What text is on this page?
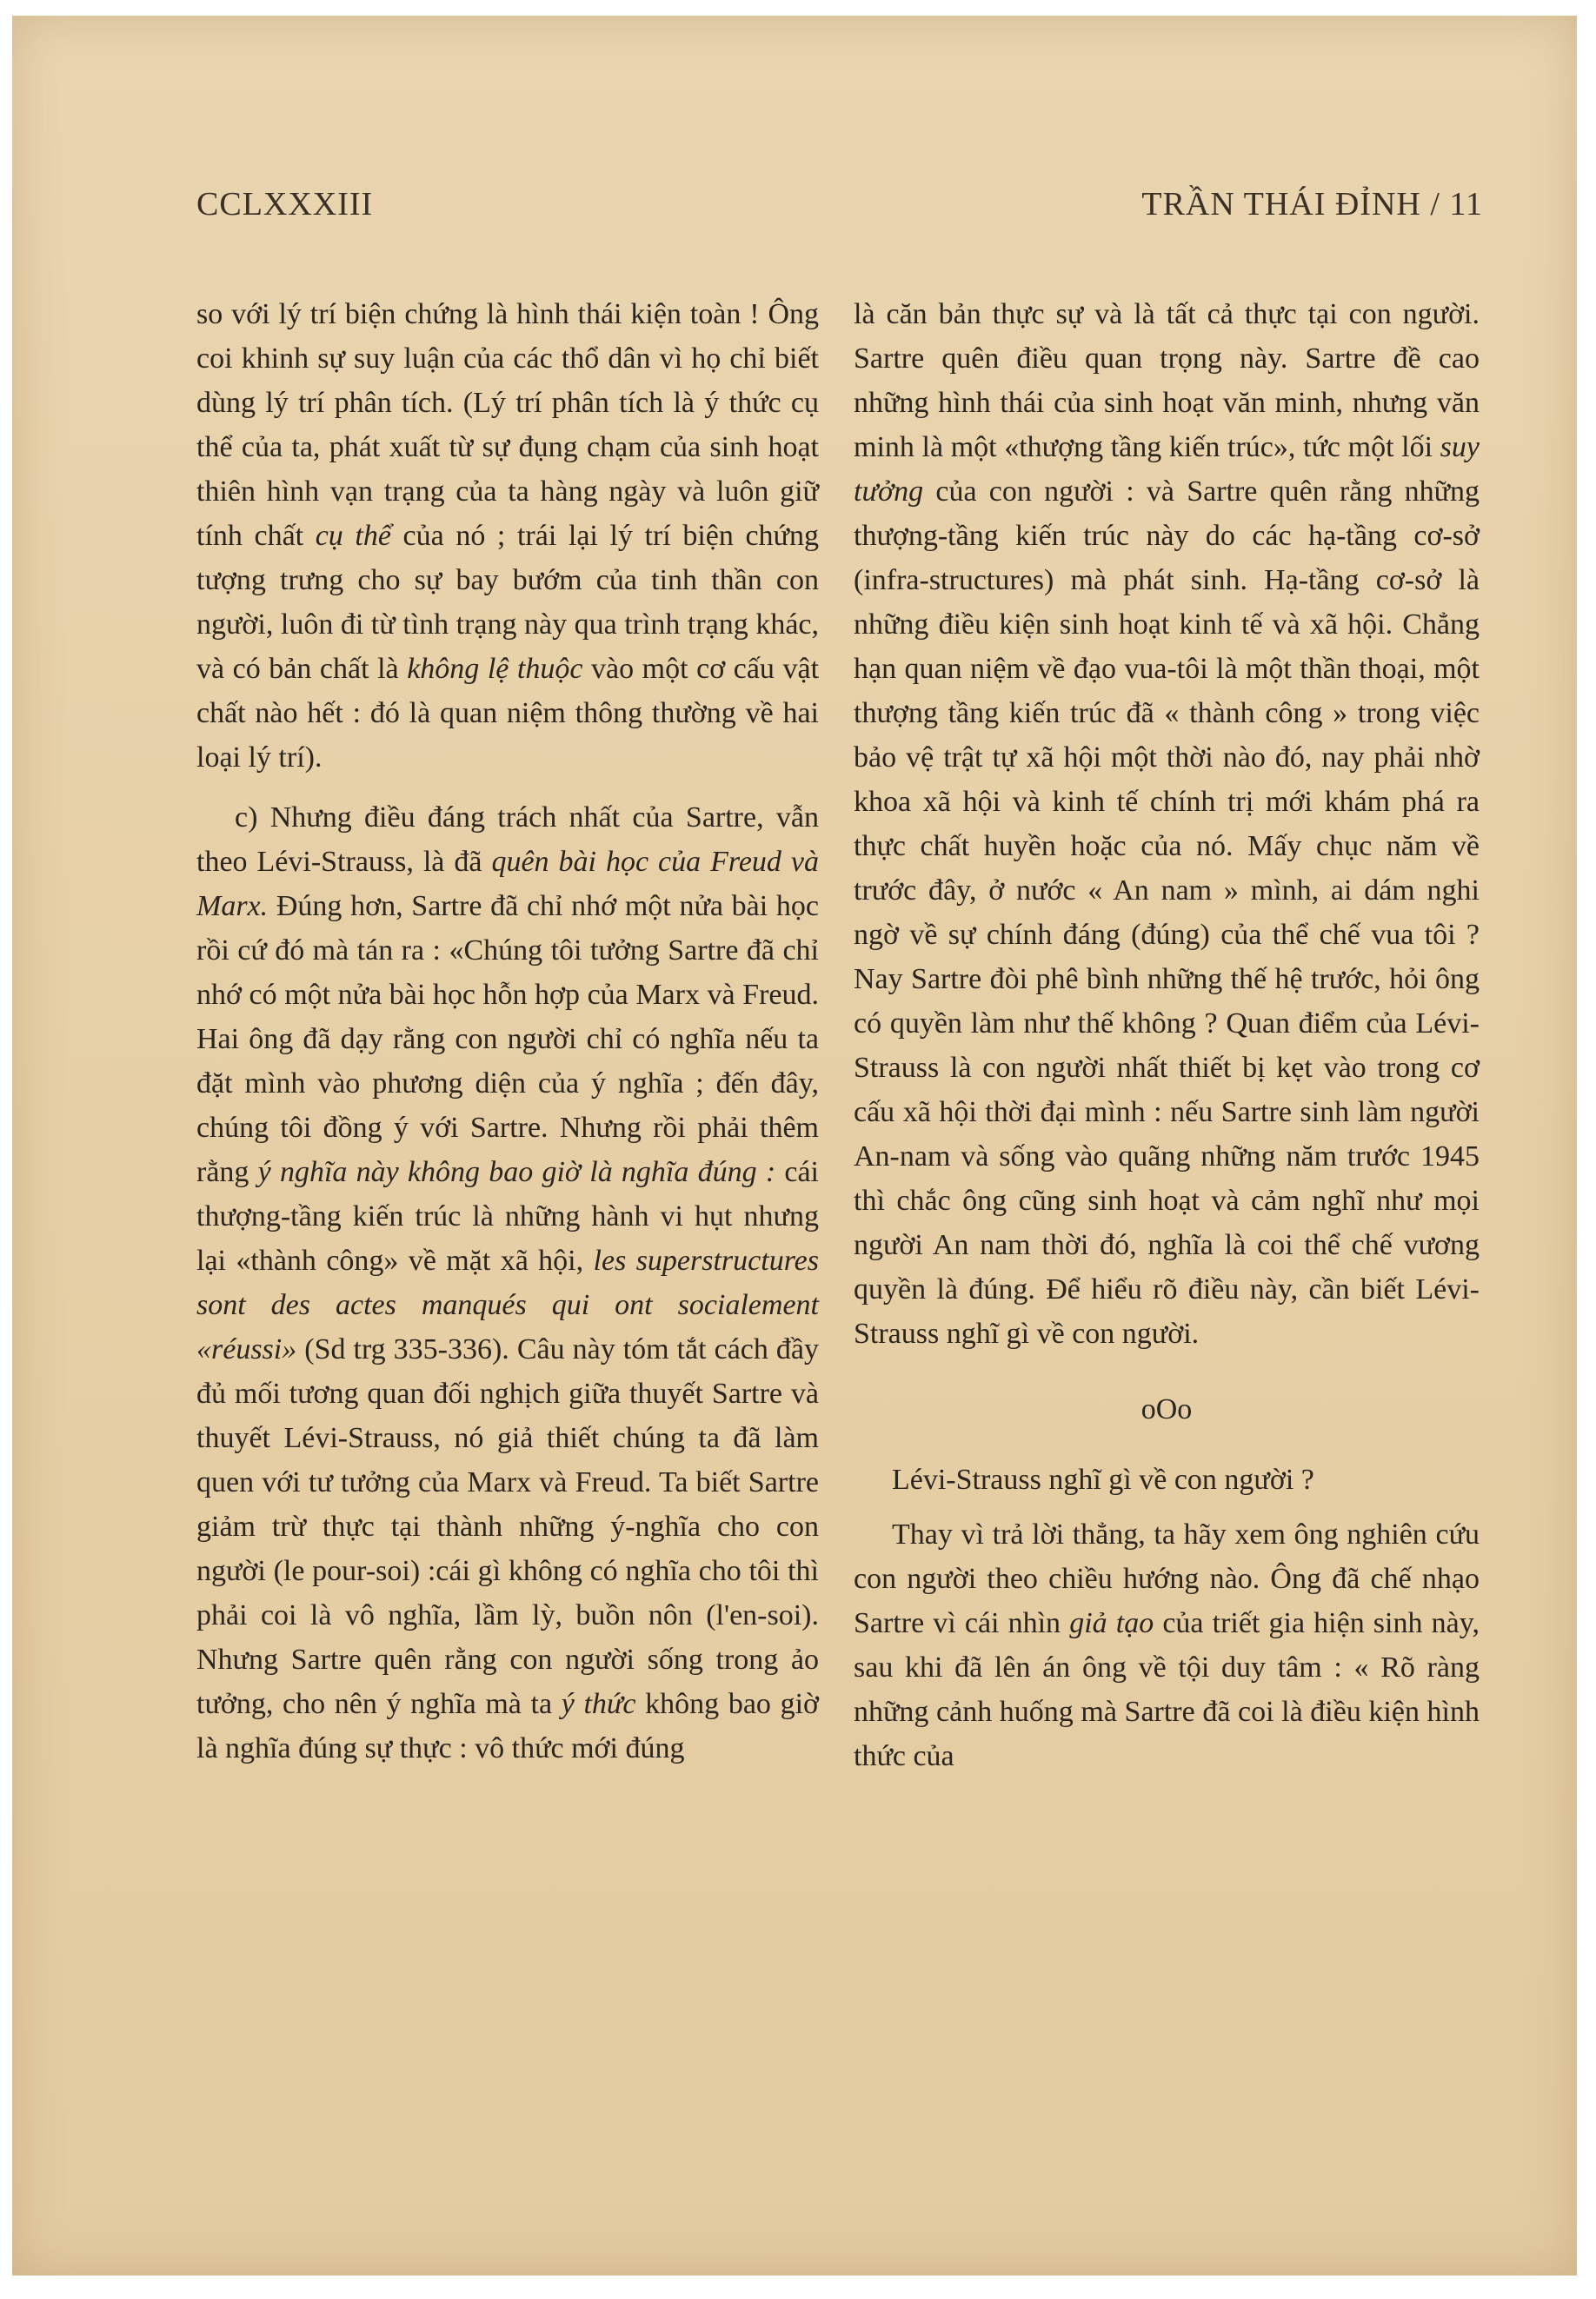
CCLXXXIII	TRẦN THÁI ĐỈNH / 11

so với lý trí biện chứng là hình thái kiện toàn ! Ông coi khinh sự suy luận của các thổ dân vì họ chỉ biết dùng lý trí phân tích. (Lý trí phân tích là ý thức cụ thể của ta, phát xuất từ sự đụng chạm của sinh hoạt thiên hình vạn trạng của ta hàng ngày và luôn giữ tính chất cụ thể của nó ; trái lại lý trí biện chứng tượng trưng cho sự bay bướm của tinh thần con người, luôn đi từ tình trạng này qua trình trạng khác, và có bản chất là không lệ thuộc vào một cơ cấu vật chất nào hết : đó là quan niệm thông thường về hai loại lý trí).

c) Nhưng điều đáng trách nhất của Sartre, vẫn theo Lévi-Strauss, là đã quên bài học của Freud và Marx. Đúng hơn, Sartre đã chỉ nhớ một nửa bài học rồi cứ đó mà tán ra : «Chúng tôi tưởng Sartre đã chỉ nhớ có một nửa bài học hỗn hợp của Marx và Freud. Hai ông đã dạy rằng con người chỉ có nghĩa nếu ta đặt mình vào phương diện của ý nghĩa ; đến đây, chúng tôi đồng ý với Sartre. Nhưng rồi phải thêm rằng ý nghĩa này không bao giờ là nghĩa đúng : cái thượng-tầng kiến trúc là những hành vi hụt nhưng lại «thành công» về mặt xã hội, les superstructures sont des actes manqués qui ont socialement «réussi» (Sd trg 335-336). Câu này tóm tắt cách đầy đủ mối tương quan đối nghịch giữa thuyết Sartre và thuyết Lévi-Strauss, nó giả thiết chúng ta đã làm quen với tư tưởng của Marx và Freud. Ta biết Sartre giảm trừ thực tại thành những ý-nghĩa cho con người (le pour-soi) :cái gì không có nghĩa cho tôi thì phải coi là vô nghĩa, lầm lỳ, buồn nôn (l'en-soi). Nhưng Sartre quên rằng con người sống trong ảo tưởng, cho nên ý nghĩa mà ta ý thức không bao giờ là nghĩa đúng sự thực : vô thức mới đúng

là căn bản thực sự và là tất cả thực tại con người. Sartre quên điều quan trọng này. Sartre đề cao những hình thái của sinh hoạt văn minh, nhưng văn minh là một «thượng tầng kiến trúc», tức một lối suy tưởng của con người : và Sartre quên rằng những thượng-tầng kiến trúc này do các hạ-tầng cơ-sở (infra-structures) mà phát sinh. Hạ-tầng cơ-sở là những điều kiện sinh hoạt kinh tế và xã hội. Chẳng hạn quan niệm về đạo vua-tôi là một thần thoại, một thượng tầng kiến trúc đã « thành công » trong việc bảo vệ trật tự xã hội một thời nào đó, nay phải nhờ khoa xã hội và kinh tế chính trị mới khám phá ra thực chất huyền hoặc của nó. Mấy chục năm về trước đây, ở nước « An nam » mình, ai dám nghi ngờ về sự chính đáng (đúng) của thể chế vua tôi ? Nay Sartre đòi phê bình những thế hệ trước, hỏi ông có quyền làm như thế không ? Quan điểm của Lévi-Strauss là con người nhất thiết bị kẹt vào trong cơ cấu xã hội thời đại mình : nếu Sartre sinh làm người An-nam và sống vào quãng những năm trước 1945 thì chắc ông cũng sinh hoạt và cảm nghĩ như mọi người An nam thời đó, nghĩa là coi thể chế vương quyền là đúng. Để hiểu rõ điều này, cần biết Lévi-Strauss nghĩ gì về con người.

oOo

Lévi-Strauss nghĩ gì về con người ?

Thay vì trả lời thẳng, ta hãy xem ông nghiên cứu con người theo chiều hướng nào. Ông đã chế nhạo Sartre vì cái nhìn giả tạo của triết gia hiện sinh này, sau khi đã lên án ông về tội duy tâm : « Rõ ràng những cảnh huống mà Sartre đã coi là điều kiện hình thức của
